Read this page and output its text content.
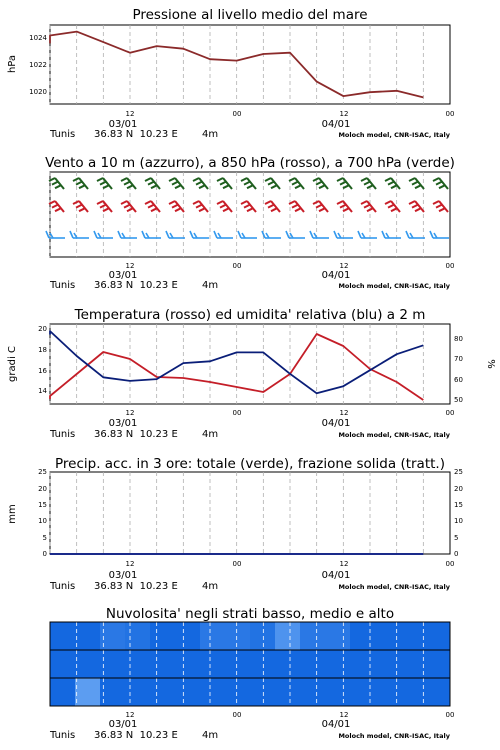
Pressione al livello medio del mare
hPa
1020
1022
1024
12	00	12	00
03/01	04/01
Tunis 36.83 N  10.23 E 4m	Moloch model, CNR-ISAC, Italy
Vento a 10 m (azzurro), a 850 hPa (rosso), a 700 hPa (verde)
12	00	12	00
03/01	04/01
Tunis 36.83 N  10.23 E 4m	Moloch model, CNR-ISAC, Italy
Temperatura (rosso) ed umidita' relativa (blu) a 2 m
gradi C	%
14
16
18
20
50
60
70
80
12	00	12	00
03/01	04/01
Tunis 36.83 N  10.23 E 4m	Moloch model, CNR-ISAC, Italy
Precip. acc. in 3 ore: totale (verde), frazione solida (tratt.)
mm
0
5
10
15
20
25
0
5
10
15
20
25
12	00	12	00
03/01	04/01
Tunis 36.83 N  10.23 E 4m	Moloch model, CNR-ISAC, Italy
Nuvolosita' negli strati basso, medio e alto
12	00	12	00
03/01	04/01
Tunis 36.83 N  10.23 E 4m	Moloch model, CNR-ISAC, Italy
